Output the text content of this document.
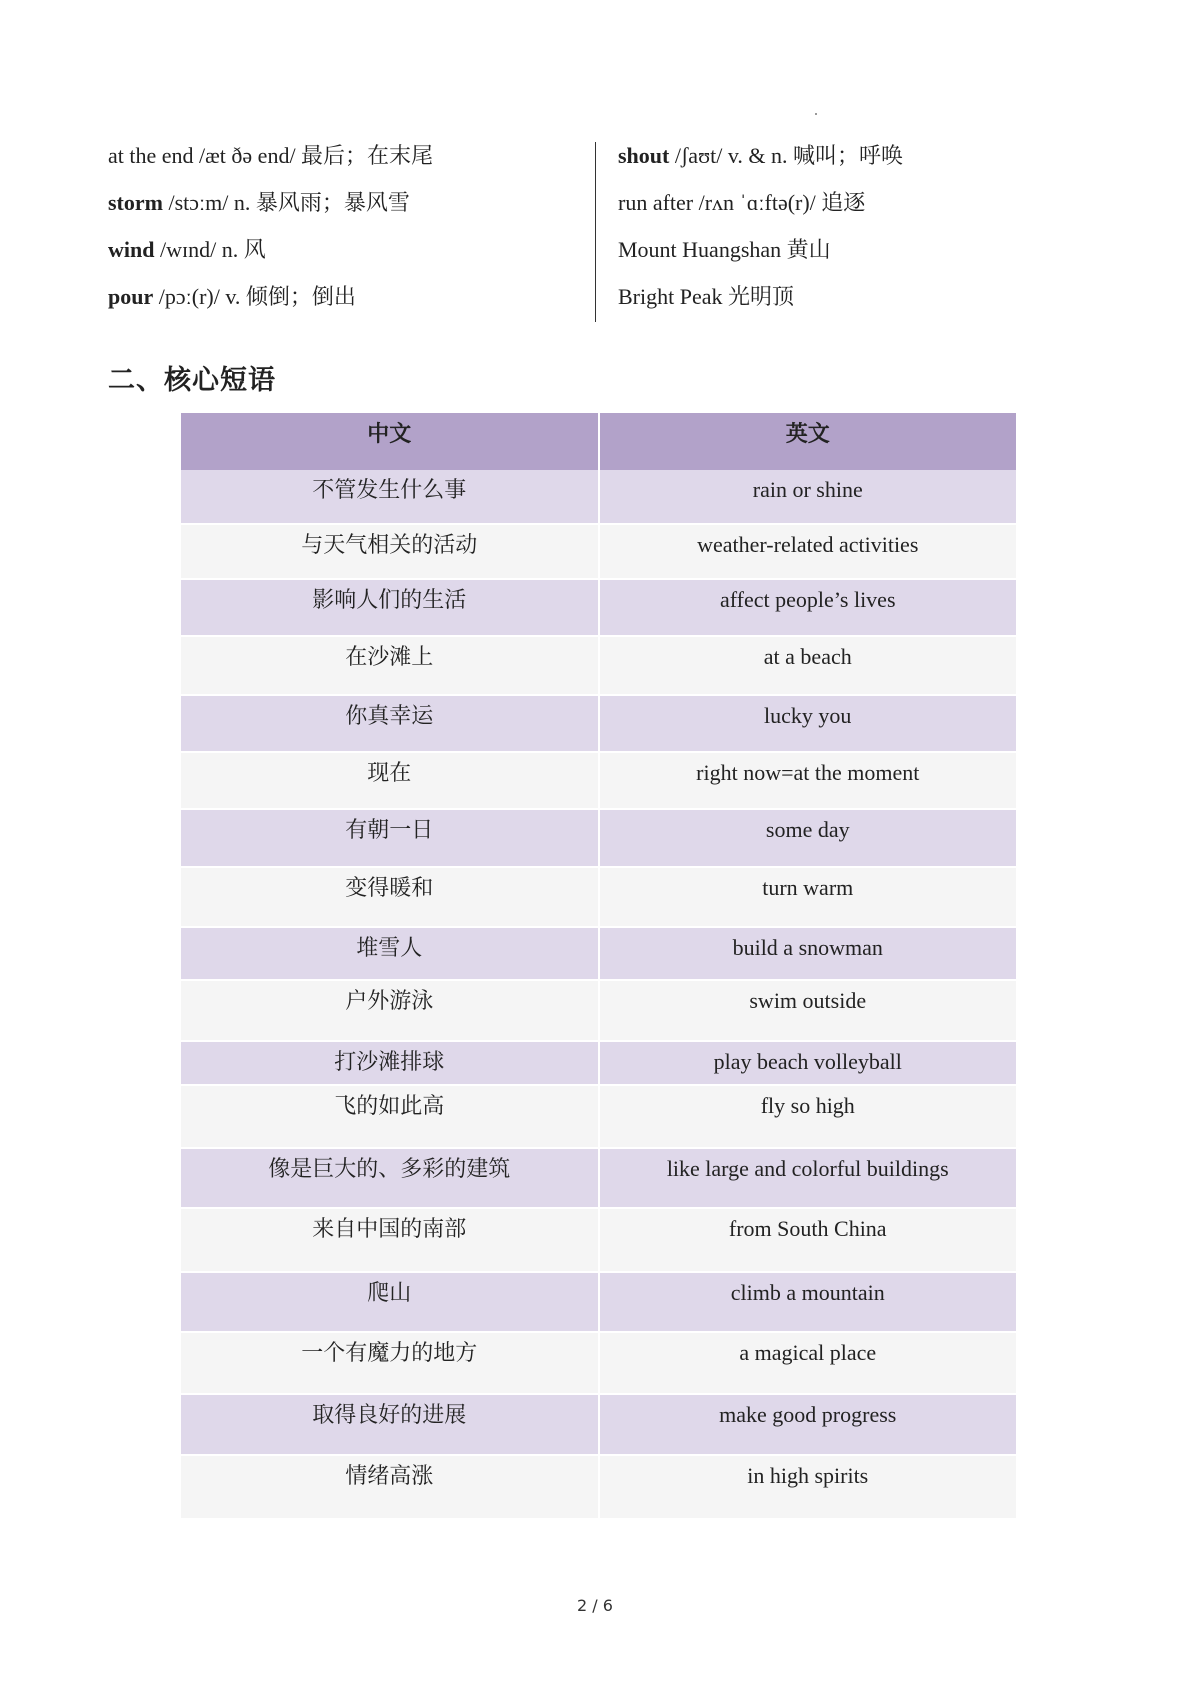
at the end /æt ðə end/ 最后；在末尾
storm /stɔːm/ n. 暴风雨；暴风雪
wind /wɪnd/ n. 风
pour /pɔː(r)/ v. 倾倒；倒出
shout /ʃaʊt/ v. & n. 喊叫；呼唤
run after /rʌn ˈɑːftə(r)/ 追逐
Mount Huangshan 黄山
Bright Peak 光明顶
二、核心短语
中文	英文
不管发生什么事	rain or shine
与天气相关的活动	weather-related activities
影响人们的生活	affect people’s lives
在沙滩上	at a beach
你真幸运	lucky you
现在	right now=at the moment
有朝一日	some day
变得暖和	turn warm
堆雪人	build a snowman
户外游泳	swim outside
打沙滩排球	play beach volleyball
飞的如此高	fly so high
像是巨大的、多彩的建筑	like large and colorful buildings
来自中国的南部	from South China
爬山	climb a mountain
一个有魔力的地方	a magical place
取得良好的进展	make good progress
情绪高涨	in high spirits
2 / 6
